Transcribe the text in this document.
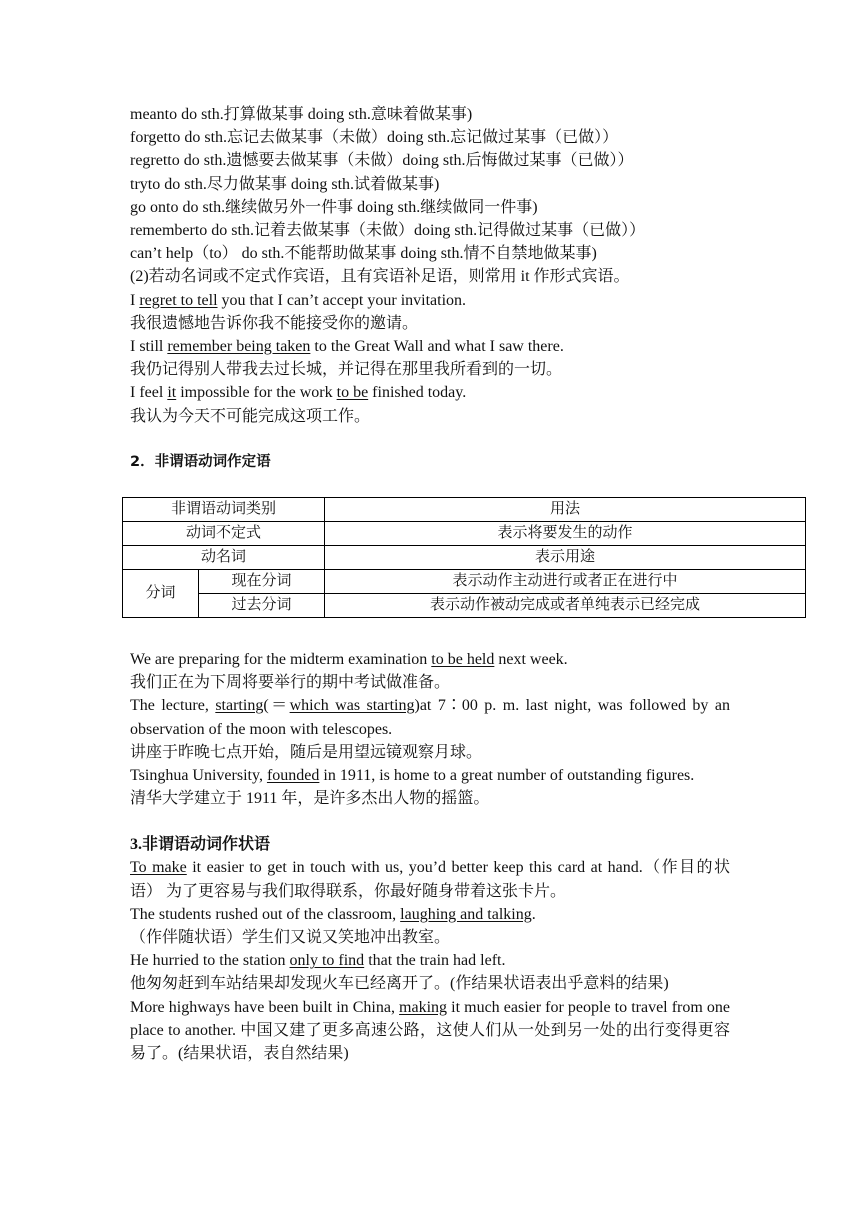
meanto do sth.打算做某事 doing sth.意味着做某事)
forgetto do sth.忘记去做某事（未做）doing sth.忘记做过某事（已做））
regretto do sth.遗憾要去做某事（未做）doing sth.后悔做过某事（已做））
tryto do sth.尽力做某事 doing sth.试着做某事)
go onto do sth.继续做另外一件事 doing sth.继续做同一件事)
rememberto do sth.记着去做某事（未做）doing sth.记得做过某事（已做））
can’t help（to） do sth.不能帮助做某事 doing sth.情不自禁地做某事)
(2)若动名词或不定式作宾语，且有宾语补足语，则常用 it 作形式宾语。
I regret to tell you that I can’t accept your invitation.
我很遗憾地告诉你我不能接受你的邀请。
I still remember being taken to the Great Wall and what I saw there.
我仍记得别人带我去过长城，并记得在那里我所看到的一切。
I feel it impossible for the work to be finished today.
我认为今天不可能完成这项工作。
2．非谓语动词作定语
非谓语动词类别		用法
动词不定式		表示将要发生的动作
动名词		表示用途
分词	现在分词	表示动作主动进行或者正在进行中
	过去分词	表示动作被动完成或者单纯表示已经完成
We are preparing for the midterm examination to be held next week.
我们正在为下周将要举行的期中考试做准备。
The lecture, starting(＝which was starting)at 7∶00 p. m. last night, was followed by an observation of the moon with telescopes.
讲座于昨晚七点开始，随后是用望远镜观察月球。
Tsinghua University, founded in 1911, is home to a great number of outstanding figures.
清华大学建立于 1911 年，是许多杰出人物的摇篮。
3.非谓语动词作状语
To make it easier to get in touch with us, you’d better keep this card at hand.（作目的状语） 为了更容易与我们取得联系，你最好随身带着这张卡片。
The students rushed out of the classroom, laughing and talking.
（作伴随状语）学生们又说又笑地冲出教室。
He hurried to the station only to find that the train had left.
他匆匆赶到车站结果却发现火车已经离开了。(作结果状语表出乎意料的结果)
More highways have been built in China, making it much easier for people to travel from one place to another. 中国又建了更多高速公路，这使人们从一处到另一处的出行变得更容易了。(结果状语，表自然结果)
